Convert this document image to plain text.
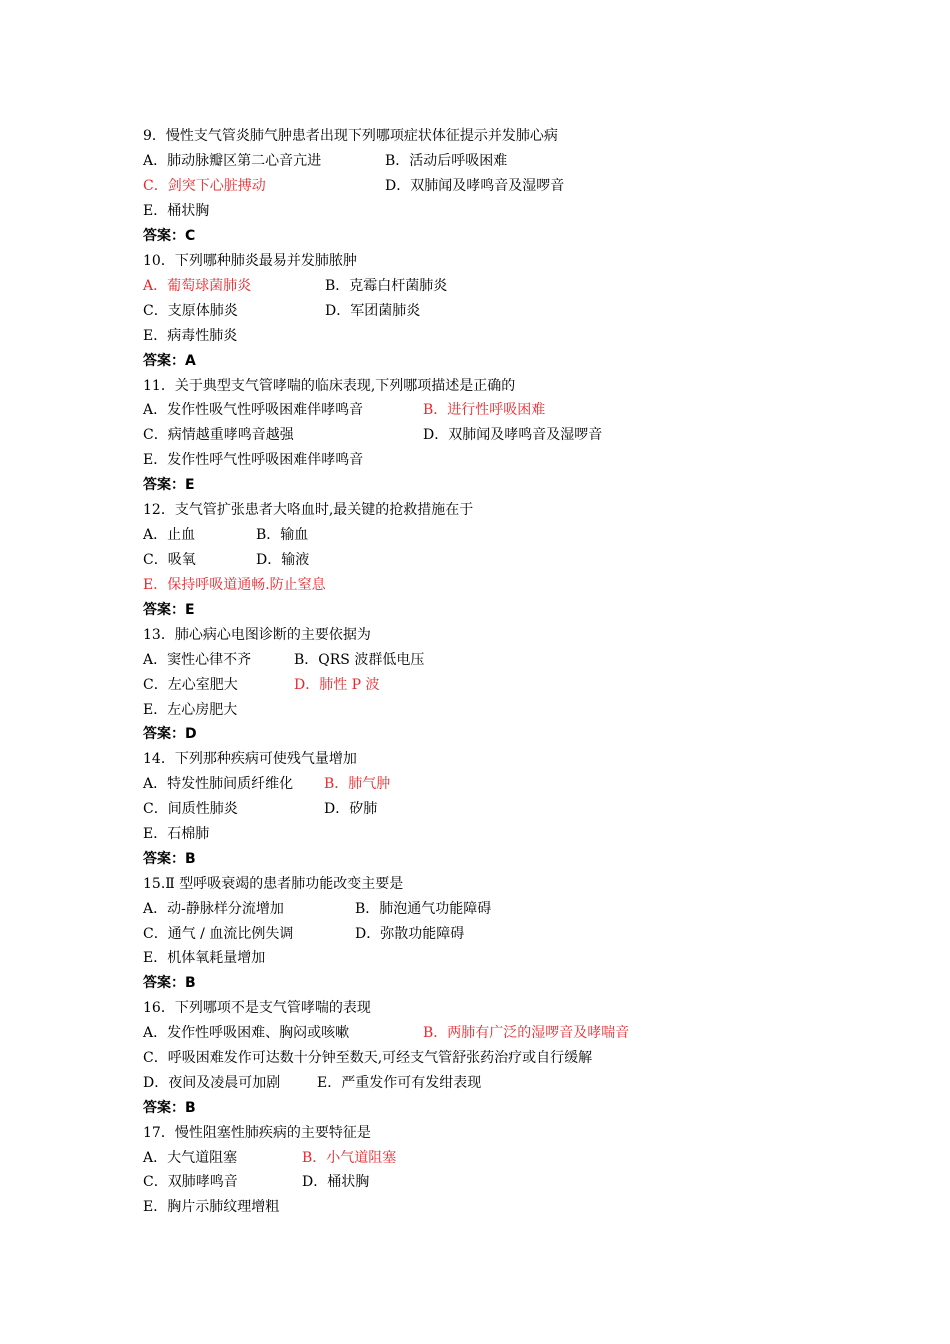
9．慢性支气管炎肺气肿患者出现下列哪项症状体征提示并发肺心病
A．肺动脉瓣区第二心音亢进	B．活动后呼吸困难
C．剑突下心脏搏动	D．双肺闻及哮鸣音及湿啰音
E．桶状胸
答案：C
10．下列哪种肺炎最易并发肺脓肿
A．葡萄球菌肺炎	B．克霉白杆菌肺炎
C．支原体肺炎	D．军团菌肺炎
E．病毒性肺炎
答案：A
11．关于典型支气管哮喘的临床表现,下列哪项描述是正确的
A．发作性吸气性呼吸困难伴哮鸣音	B．进行性呼吸困难
C．病情越重哮鸣音越强	D．双肺闻及哮鸣音及湿啰音
E．发作性呼气性呼吸困难伴哮鸣音
答案：E
12．支气管扩张患者大咯血时,最关键的抢救措施在于
A．止血	B．输血
C．吸氧	D．输液
E．保持呼吸道通畅.防止窒息
答案：E
13．肺心病心电图诊断的主要依据为
A．窦性心律不齐	B．QRS 波群低电压
C．左心室肥大	D．肺性 P 波
E．左心房肥大
答案：D
14．下列那种疾病可使残气量增加
A．特发性肺间质纤维化 B．肺气肿
C．间质性肺炎	D．矽肺
E．石棉肺
答案：B
15.Ⅱ 型呼吸衰竭的患者肺功能改变主要是
A．动-静脉样分流增加	B．肺泡通气功能障碍
C．通气 / 血流比例失调	D．弥散功能障碍
E．机体氧耗量增加
答案：B
16．下列哪项不是支气管哮喘的表现
A．发作性呼吸困难、胸闷或咳嗽	B．两肺有广泛的湿啰音及哮喘音
C．呼吸困难发作可达数十分钟至数天,可经支气管舒张药治疗或自行缓解
D．夜间及凌晨可加剧	E．严重发作可有发绀表现
答案：B
17．慢性阻塞性肺疾病的主要特征是
A．大气道阻塞	B．小气道阻塞
C．双肺哮鸣音	D．桶状胸
E．胸片示肺纹理增粗
